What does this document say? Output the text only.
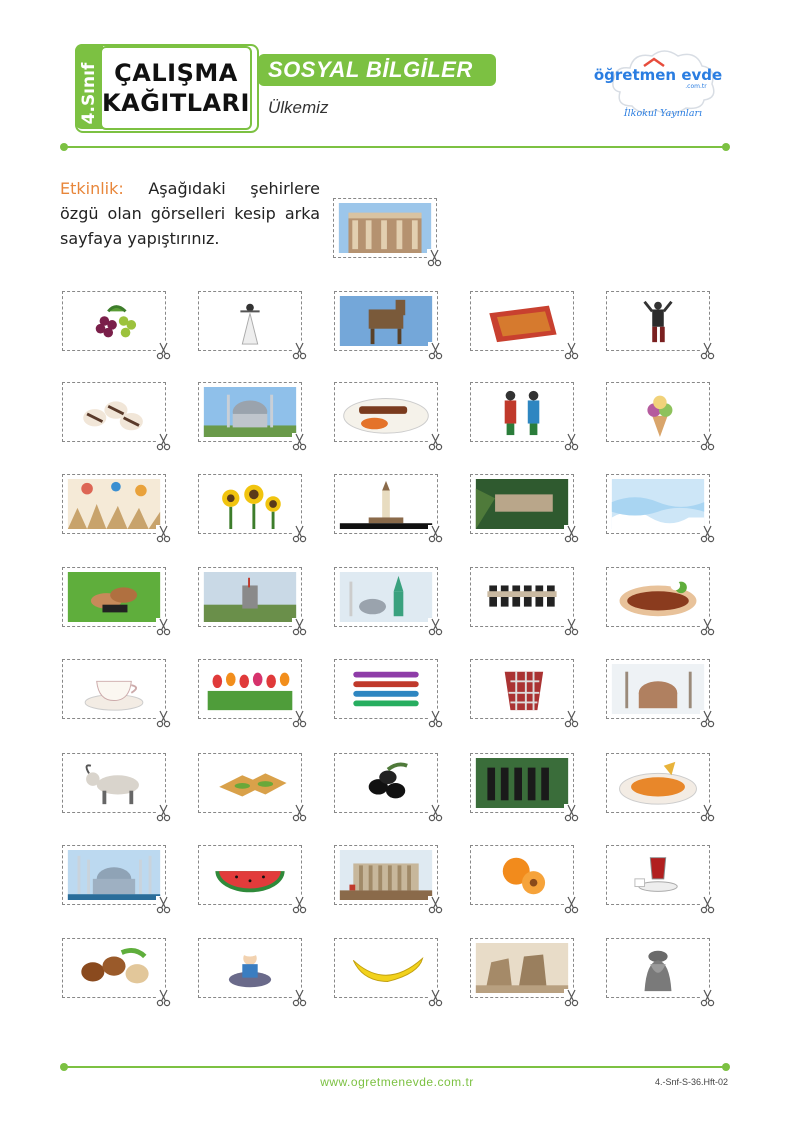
4.Sınıf ÇALIŞMA
KAĞITLARI
SOSYAL BİLGİLER
Ülkemiz
öğretmen evde
.com.tr
İlkokul Yayınları
Etkinlik: Aşağıdaki şehirlere özgü olan görselleri kesip arka sayfaya yapıştırınız.
www.ogretmenevde.com.tr	4.-Snf-S-36.Hft-02
